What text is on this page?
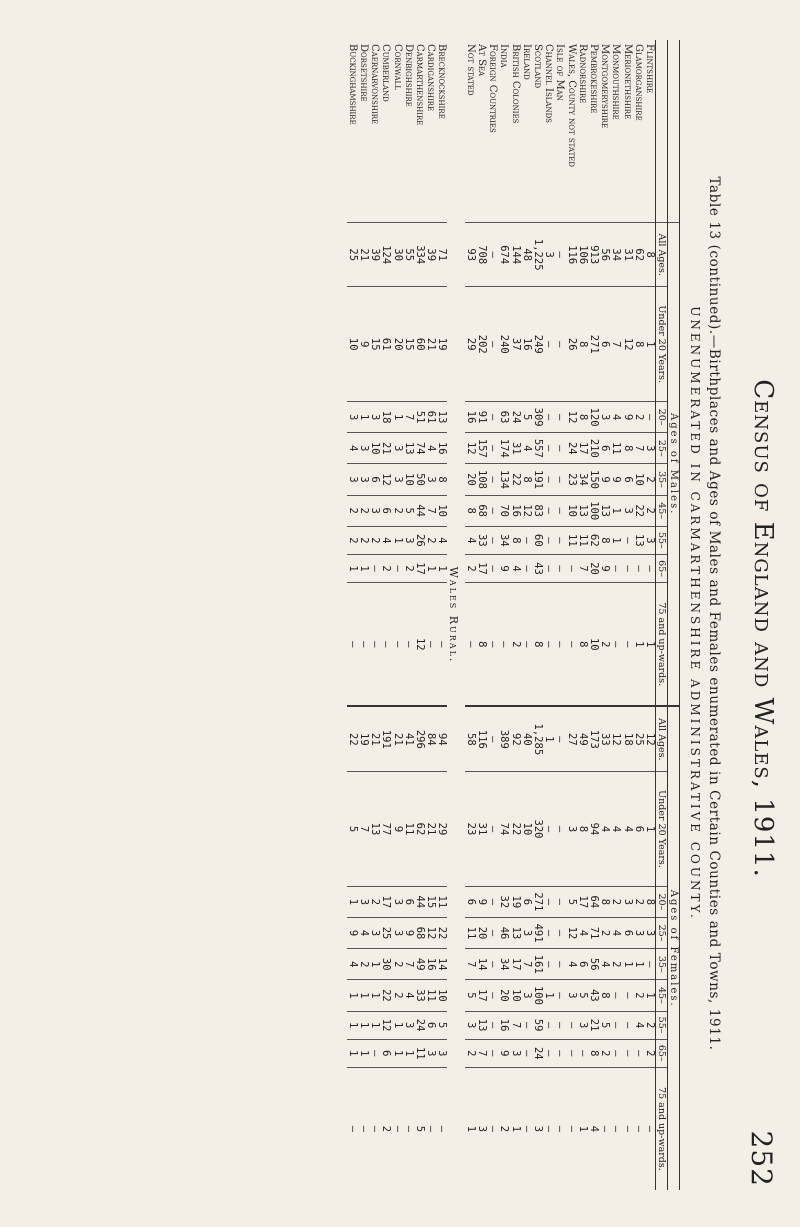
Census of England and Wales, 1911.
252
Table 13 (continued).—Birthplaces and Ages of Males and Females enumerated in Certain Counties and Towns, 1911.
UNENUMERATED IN CARMARTHENSHIRE ADMINISTRATIVE COUNTY.
	Ages of Males.									Ages of Females.								
	All Ages.	Under 20 Years.	20–	25–	35–	45–	55–	65–	75 and up-wards.	All Ages.	Under 20 Years.	20–	25–	35–	45–	55–	65–	75 and up-wards.
Flintshire	8	1	—	3	2	2	3	—	1	12	1	8	3	—	1	2	2	—
Glamorganshire	62	8	2	7	10	22	13	—	1	25	6	2	3	1	2	4	—	—
Merionethshire	31	12	9	8	6	3	—	—	—	18	4	3	6	1	—	—	—	—
Monmouthshire	34	7	4	11	9	1	1	—	—	12	4	2	4	2	—	—	—	—
Montgomeryshire	56	6	3	6	9	13	8	9	2	33	4	8	2	4	8	5	2	—
Pembrokeshire	913	271	120	210	150	100	62	20	10	173	94	64	71	56	43	21	8	4
Radnorshire	106	8	8	17	34	13	11	7	8	49	8	17	4	6	5	3	—	1
Wales, County not stated	116	26	12	24	23	10	11	—	—	27	3	5	12	4	3	—	—	—
Isle of Man	—	—	—	—	—	—	—	—	—	—	—	—	—	—	—	—	—	—
Channel Islands	3	—	—	—	—	—	—	—	—	1	—	—	—	—	1	—	—	—
Scotland	1,225	249	309	557	191	83	60	43	8	1,285	320	271	491	161	100	59	24	3
Ireland	48	16	5	4	8	12	—	—	—	40	10	6	3	7	3	—	—	—
British Colonies	144	37	24	31	22	16	8	4	2	92	22	19	13	17	10	7	3	1
India	674	240	63	174	134	70	34	9	—	389	74	32	46	34	20	16	9	2
Foreign Countries	—	—	—	—	—	—	—	—	—	—	—	—	—	—	—	—	—	—
At Sea	708	202	91	157	108	68	33	17	8	116	31	9	20	14	17	13	7	3
Not stated	93	29	16	12	20	8	4	2	—	58	23	6	11	7	5	3	2	1

Wales Rural.																		
Brecknockshire	71	19	13	16	8	10	4	1	—	94	29	11	22	14	10	5	3	—
Cardiganshire	39	21	61	4	3	7	2	1	—	84	21	15	12	16	11	6	3	—
Carmarthenshire	334	60	51	74	50	44	26	17	12	296	62	44	68	49	33	24	11	5
Denbighshire	55	15	7	13	10	5	3	2	—	41	11	6	9	7	4	3	1	—
Cornwall	30	20	1	3	3	2	1	—	—	21	9	3	3	2	2	1	1	—
Cumberland	124	61	18	21	12	6	4	2	—	191	77	17	25	30	22	12	6	2
Caernarvonshire	39	15	3	10	6	3	2	—	—	21	13	2	3	1	1	1	—	—
Dorsetshire	21	9	1	3	3	2	2	1	—	19	7	3	4	2	1	1	1	—
Buckinghamshire	25	10	3	4	3	2	2	1	—	22	5	1	9	4	1	1	1	—
